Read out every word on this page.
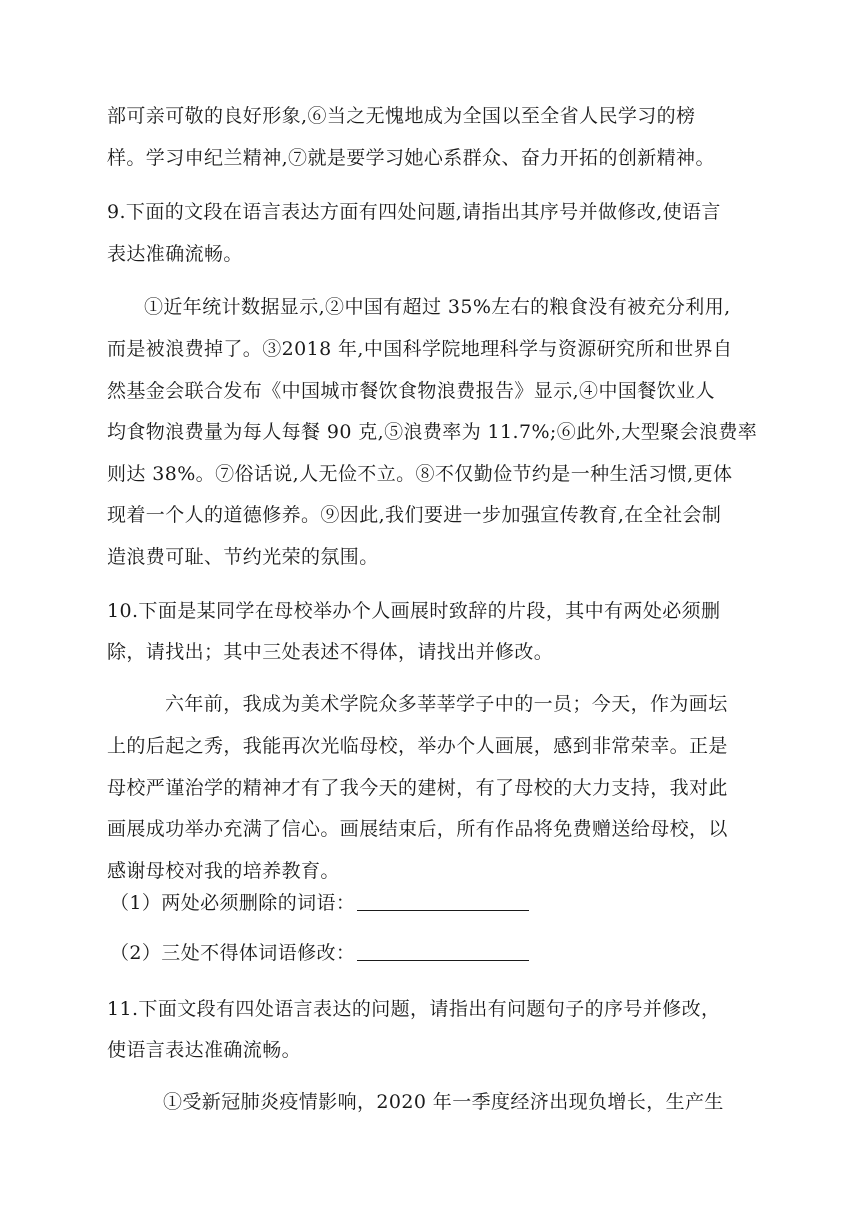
部可亲可敬的良好形象,⑥当之无愧地成为全国以至全省人民学习的榜
样。学习申纪兰精神,⑦就是要学习她心系群众、奋力开拓的创新精神。
9.下面的文段在语言表达方面有四处问题,请指出其序号并做修改,使语言
表达准确流畅。
①近年统计数据显示,②中国有超过 35%左右的粮食没有被充分利用,
而是被浪费掉了。③2018 年,中国科学院地理科学与资源研究所和世界自
然基金会联合发布《中国城市餐饮食物浪费报告》显示,④中国餐饮业人
均食物浪费量为每人每餐 90 克,⑤浪费率为 11.7%;⑥此外,大型聚会浪费率
则达 38%。⑦俗话说,人无俭不立。⑧不仅勤俭节约是一种生活习惯,更体
现着一个人的道德修养。⑨因此,我们要进一步加强宣传教育,在全社会制
造浪费可耻、节约光荣的氛围。
10.下面是某同学在母校举办个人画展时致辞的片段，其中有两处必须删
除，请找出；其中三处表述不得体，请找出并修改。
六年前，我成为美术学院众多莘莘学子中的一员；今天，作为画坛
上的后起之秀，我能再次光临母校，举办个人画展，感到非常荣幸。正是
母校严谨治学的精神才有了我今天的建树，有了母校的大力支持，我对此
画展成功举办充满了信心。画展结束后，所有作品将免费赠送给母校，以
感谢母校对我的培养教育。
（1）两处必须删除的词语：
（2）三处不得体词语修改：
11.下面文段有四处语言表达的问题，请指出有问题句子的序号并修改，
使语言表达准确流畅。
①受新冠肺炎疫情影响，2020 年一季度经济出现负增长，生产生
